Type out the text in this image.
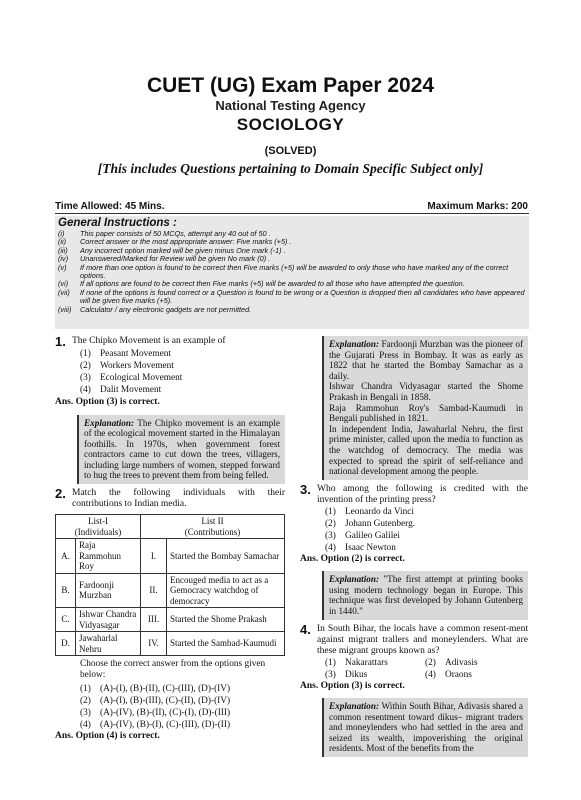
CUET (UG) Exam Paper 2024
National Testing Agency
SOCIOLOGY
(SOLVED)
[This includes Questions pertaining to Domain Specific Subject only]
Time Allowed: 45 Mins.	Maximum Marks: 200
General Instructions :
(i)	This paper consists of 50 MCQs, attempt any 40 out of 50 .
(ii)	Correct answer or the most appropriate answer: Five marks (+5) .
(iii)	Any incorrect option marked will be given minus One mark (-1) .
(iv)	Unanswered/Marked for Review will be given No mark (0) .
(v)	If more than one option is found to be correct then Five marks (+5) will be awarded to only those who have marked any of the correct options.
(vi)	If all options are found to be correct then Five marks (+5) will be awarded to all those who have attempted the question.
(vii)	If none of the options is found correct or a Question is found to be wrong or a Question is dropped then all candidates who have appeared will be given five marks (+5).
(viii)	Calculator / any electronic gadgets are not permitted.
1. The Chipko Movement is an example of
(1) Peasant Movement
(2) Workers Movement
(3) Ecological Movement
(4) Dalit Movement
Ans. Option (3) is correct.
Explanation: The Chipko movement is an example of the ecological movement started in the Himalayan foothills. In 1970s, when government forest contractors came to cut down the trees, villagers, including large numbers of women, stepped forward to hug the trees to prevent them from being felled.
2. Match the following individuals with their contributions to Indian media.
List-I
(Individuals)		List II
(Contributions)	
A.	Raja Rammohun Roy	I.	Started the Bombay Samachar
B.	Fardoonji Murzban	II.	Encouged media to act as a Gemocracy watchdog of democracy
C.	Ishwar Chandra Vidyasagar	III.	Started the Shome Prakash
D.	Jawaharlal Nehru	IV.	Started the Sambad-Kaumudi
Choose the correct answer from the options given below:
(1) (A)-(I), (B)-(II), (C)-(III), (D)-(IV)
(2) (A)-(I), (B)-(III), (C)-(II), (D)-(IV)
(3) (A)-(IV), (B)-(II), (C)-(I), (D)-(III)
(4) (A)-(IV), (B)-(I), (C)-(III), (D)-(II)
Ans. Option (4) is correct.

Explanation: Fardoonji Murzban was the pioneer of the Gujarati Press in Bombay. It was as early as 1822 that he started the Bombay Samachar as a daily.

Ishwar Chandra Vidyasagar started the Shome Prakash in Bengali in 1858.

Raja Rammohun Roy's Sambad-Kaumudi in Bengali published in 1821.

In independent India, Jawaharlal Nehru, the first prime minister, called upon the media to function as the watchdog of democracy. The media was expected to spread the spirit of self-reliance and national development among the people.

3. Who among the following is credited with the invention of the printing press?
(1) Leonardo da Vinci
(2) Johann Gutenberg.
(3) Galileo Galilei
(4) Isaac Newton
Ans. Option (2) is correct.
Explanation: "The first attempt at printing books using modern technology began in Europe. This technique was first developed by Johann Gutenberg in 1440."
4. In South Bihar, the locals have a common resent-ment against migrant trallers and moneylenders. What are these migrant groups known as?
(1) Nakarattars	(2) Adivasis
(3) Dikus	(4) Oraons
Ans. Option (3) is correct.
Explanation: Within South Bihar, Adivasis shared a common resentment toward dikus– migrant traders and moneylenders who had settled in the area and seized its wealth, impoverishing the original residents. Most of the benefits from the
